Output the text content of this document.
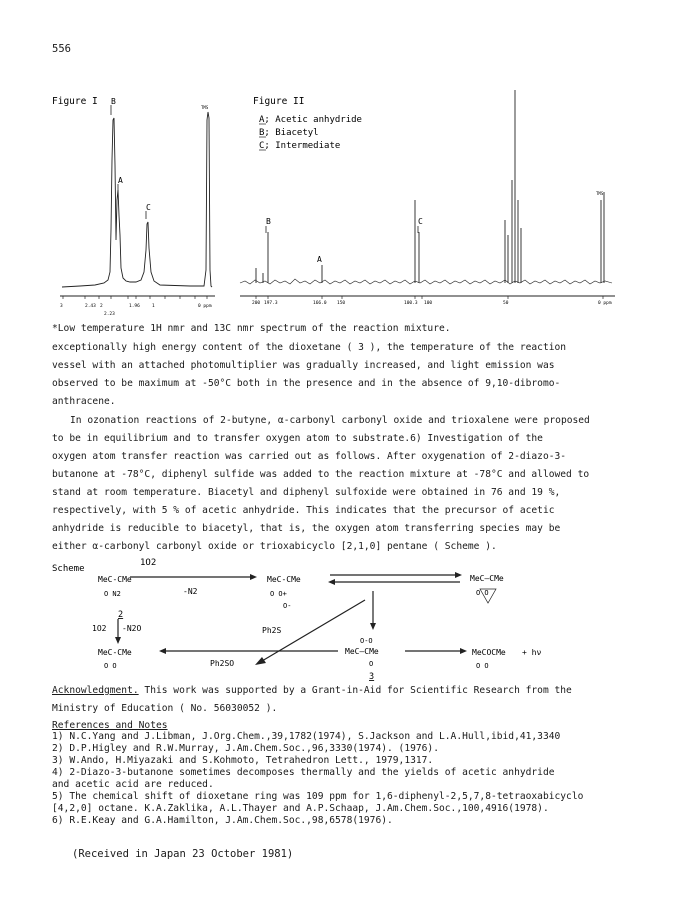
556
Figure I B
A
C
TMS
3	2.43 2	1.96	1	0 ppm
2.23
Figure II
A; Acetic anhydride
B; Biacetyl
C; Intermediate
B
A
C
TMS
200 197.3	166.0 150	100.3 100	50	0 ppm
*Low temperature 1H nmr and 13C nmr spectrum of the reaction mixture.
exceptionally high energy content of the dioxetane ( 3 ), the temperature of the reaction
vessel with an attached photomultiplier was gradually increased, and light emission was
observed to be maximum at -50°C both in the presence and in the absence of 9,10-dibromo-
anthracene.
In ozonation reactions of 2-butyne, α-carbonyl carbonyl oxide and trioxalene were proposed
to be in equilibrium and to transfer oxygen atom to substrate.6) Investigation of the
oxygen atom transfer reaction was carried out as follows. After oxygenation of 2-diazo-3-
butanone at -78°C, diphenyl sulfide was added to the reaction mixture at -78°C and allowed to
stand at room temperature. Biacetyl and diphenyl sulfoxide were obtained in 76 and 19 %,
respectively, with 5 % of acetic anhydride. This indicates that the precursor of acetic
anhydride is reducible to biacetyl, that is, the oxygen atom transferring species may be
either α-carbonyl carbonyl oxide or trioxabicyclo [2,1,0] pentane ( Scheme ).
Scheme
1O2
MeC-CMe
O N2
2
-N2
MeC-CMe
O O+
O-
MeC—CMe
O O
1O2 -N2O
MeC-CMe
O O
Ph2S
Ph2SO
O-O
MeC—CMe
O
3
MeCOCMe
O O
+ hν
Acknowledgment. This work was supported by a Grant-in-Aid for Scientific Research from the
Ministry of Education ( No. 56030052 ).
References and Notes
1) N.C.Yang and J.Libman, J.Org.Chem.,39,1782(1974), S.Jackson and L.A.Hull,ibid,41,3340
2) D.P.Higley and R.W.Murray, J.Am.Chem.Soc.,96,3330(1974). (1976).
3) W.Ando, H.Miyazaki and S.Kohmoto, Tetrahedron Lett., 1979,1317.
4) 2-Diazo-3-butanone sometimes decomposes thermally and the yields of acetic anhydride
and acetic acid are reduced.
5) The chemical shift of dioxetane ring was 109 ppm for 1,6-diphenyl-2,5,7,8-tetraoxabicyclo
[4,2,0] octane. K.A.Zaklika, A.L.Thayer and A.P.Schaap, J.Am.Chem.Soc.,100,4916(1978).
6) R.E.Keay and G.A.Hamilton, J.Am.Chem.Soc.,98,6578(1976).
(Received in Japan 23 October 1981)
